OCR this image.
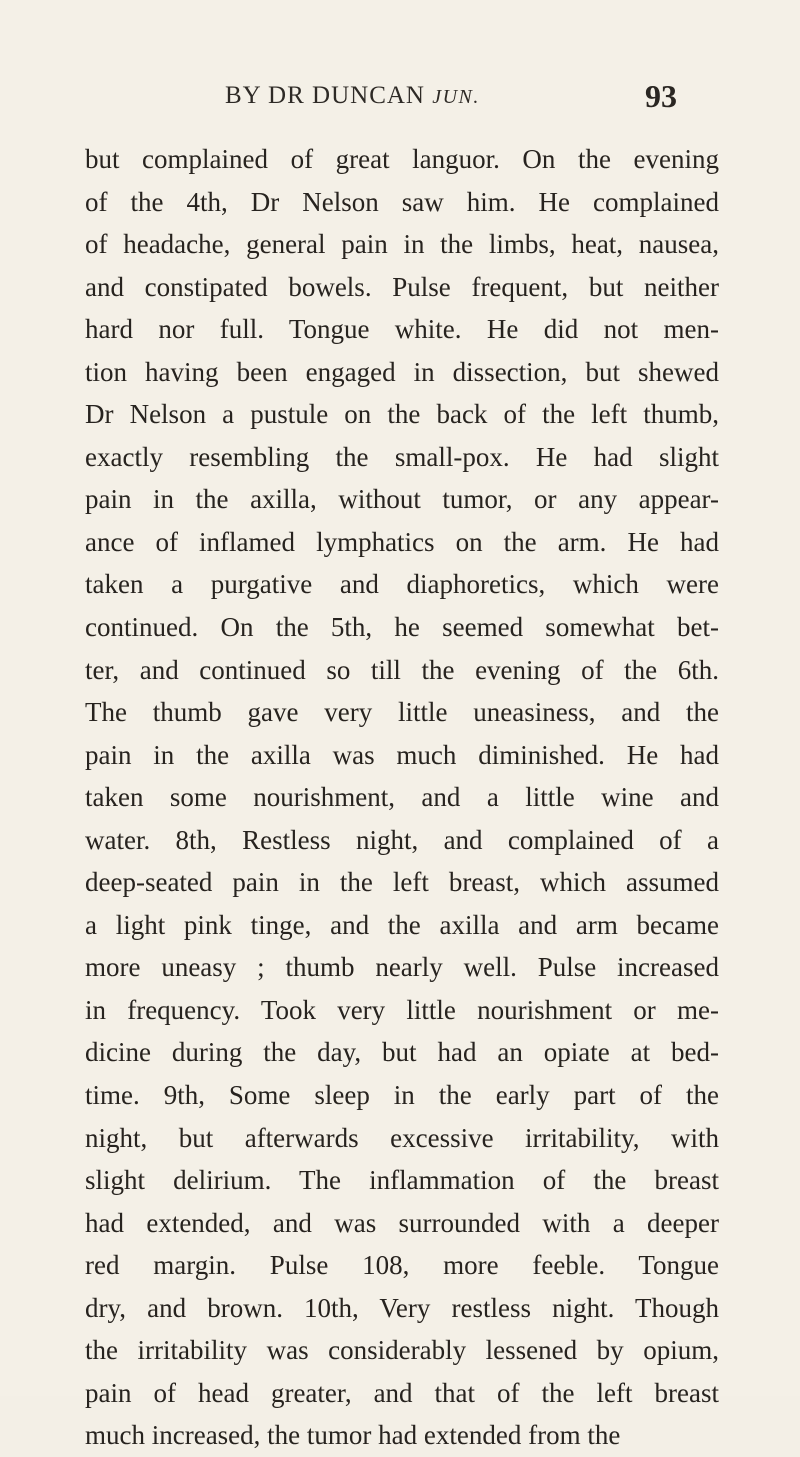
BY DR DUNCAN JUN.	93
but complained of great languor. On the evening
of the 4th, Dr Nelson saw him. He complained
of headache, general pain in the limbs, heat, nausea,
and constipated bowels. Pulse frequent, but neither
hard nor full. Tongue white. He did not men-
tion having been engaged in dissection, but shewed
Dr Nelson a pustule on the back of the left thumb,
exactly resembling the small-pox. He had slight
pain in the axilla, without tumor, or any appear-
ance of inflamed lymphatics on the arm. He had
taken a purgative and diaphoretics, which were
continued. On the 5th, he seemed somewhat bet-
ter, and continued so till the evening of the 6th.
The thumb gave very little uneasiness, and the
pain in the axilla was much diminished. He had
taken some nourishment, and a little wine and
water. 8th, Restless night, and complained of a
deep-seated pain in the left breast, which assumed
a light pink tinge, and the axilla and arm became
more uneasy ; thumb nearly well. Pulse increased
in frequency. Took very little nourishment or me-
dicine during the day, but had an opiate at bed-
time. 9th, Some sleep in the early part of the
night, but afterwards excessive irritability, with
slight delirium. The inflammation of the breast
had extended, and was surrounded with a deeper
red margin. Pulse 108, more feeble. Tongue
dry, and brown. 10th, Very restless night. Though
the irritability was considerably lessened by opium,
pain of head greater, and that of the left breast
much increased, the tumor had extended from the
